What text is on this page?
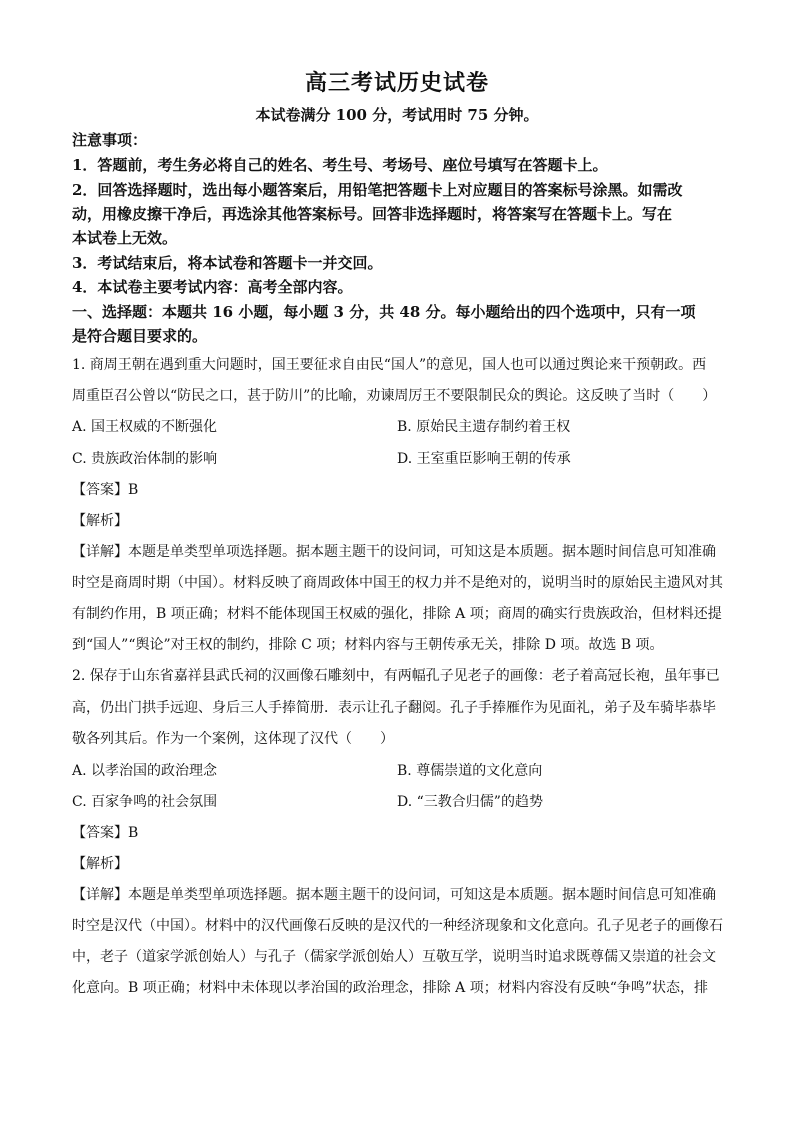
高三考试历史试卷
本试卷满分 100 分，考试用时 75 分钟。
注意事项：
1．答题前，考生务必将自己的姓名、考生号、考场号、座位号填写在答题卡上。
2．回答选择题时，选出每小题答案后，用铅笔把答题卡上对应题目的答案标号涂黑。如需改
动，用橡皮擦干净后，再选涂其他答案标号。回答非选择题时，将答案写在答题卡上。写在
本试卷上无效。
3．考试结束后，将本试卷和答题卡一并交回。
4．本试卷主要考试内容：高考全部内容。
一、选择题：本题共 16 小题，每小题 3 分，共 48 分。每小题给出的四个选项中，只有一项
是符合题目要求的。
1. 商周王朝在遇到重大问题时，国王要征求自由民“国人”的意见，国人也可以通过舆论来干预朝政。西
周重臣召公曾以“防民之口，甚于防川”的比喻，劝谏周厉王不要限制民众的舆论。这反映了当时（　　）
A. 国王权威的不断强化	B. 原始民主遗存制约着王权
C. 贵族政治体制的影响	D. 王室重臣影响王朝的传承
【答案】B
【解析】
【详解】本题是单类型单项选择题。据本题主题干的设问词，可知这是本质题。据本题时间信息可知准确
时空是商周时期（中国）。材料反映了商周政体中国王的权力并不是绝对的，说明当时的原始民主遗风对其
有制约作用，B 项正确；材料不能体现国王权威的强化，排除 A 项；商周的确实行贵族政治，但材料还提
到“国人”“舆论”对王权的制约，排除 C 项；材料内容与王朝传承无关，排除 D 项。故选 B 项。
2. 保存于山东省嘉祥县武氏祠的汉画像石雕刻中，有两幅孔子见老子的画像：老子着高冠长袍，虽年事已
高，仍出门拱手远迎、身后三人手捧简册．表示让孔子翻阅。孔子手捧雁作为见面礼，弟子及车骑毕恭毕
敬各列其后。作为一个案例，这体现了汉代（　　）
A. 以孝治国的政治理念	B. 尊儒崇道的文化意向
C. 百家争鸣的社会氛围	D. “三教合归儒”的趋势
【答案】B
【解析】
【详解】本题是单类型单项选择题。据本题主题干的设问词，可知这是本质题。据本题时间信息可知准确
时空是汉代（中国）。材料中的汉代画像石反映的是汉代的一种经济现象和文化意向。孔子见老子的画像石
中，老子（道家学派创始人）与孔子（儒家学派创始人）互敬互学，说明当时追求既尊儒又崇道的社会文
化意向。B 项正确；材料中未体现以孝治国的政治理念，排除 A 项；材料内容没有反映“争鸣”状态，排
